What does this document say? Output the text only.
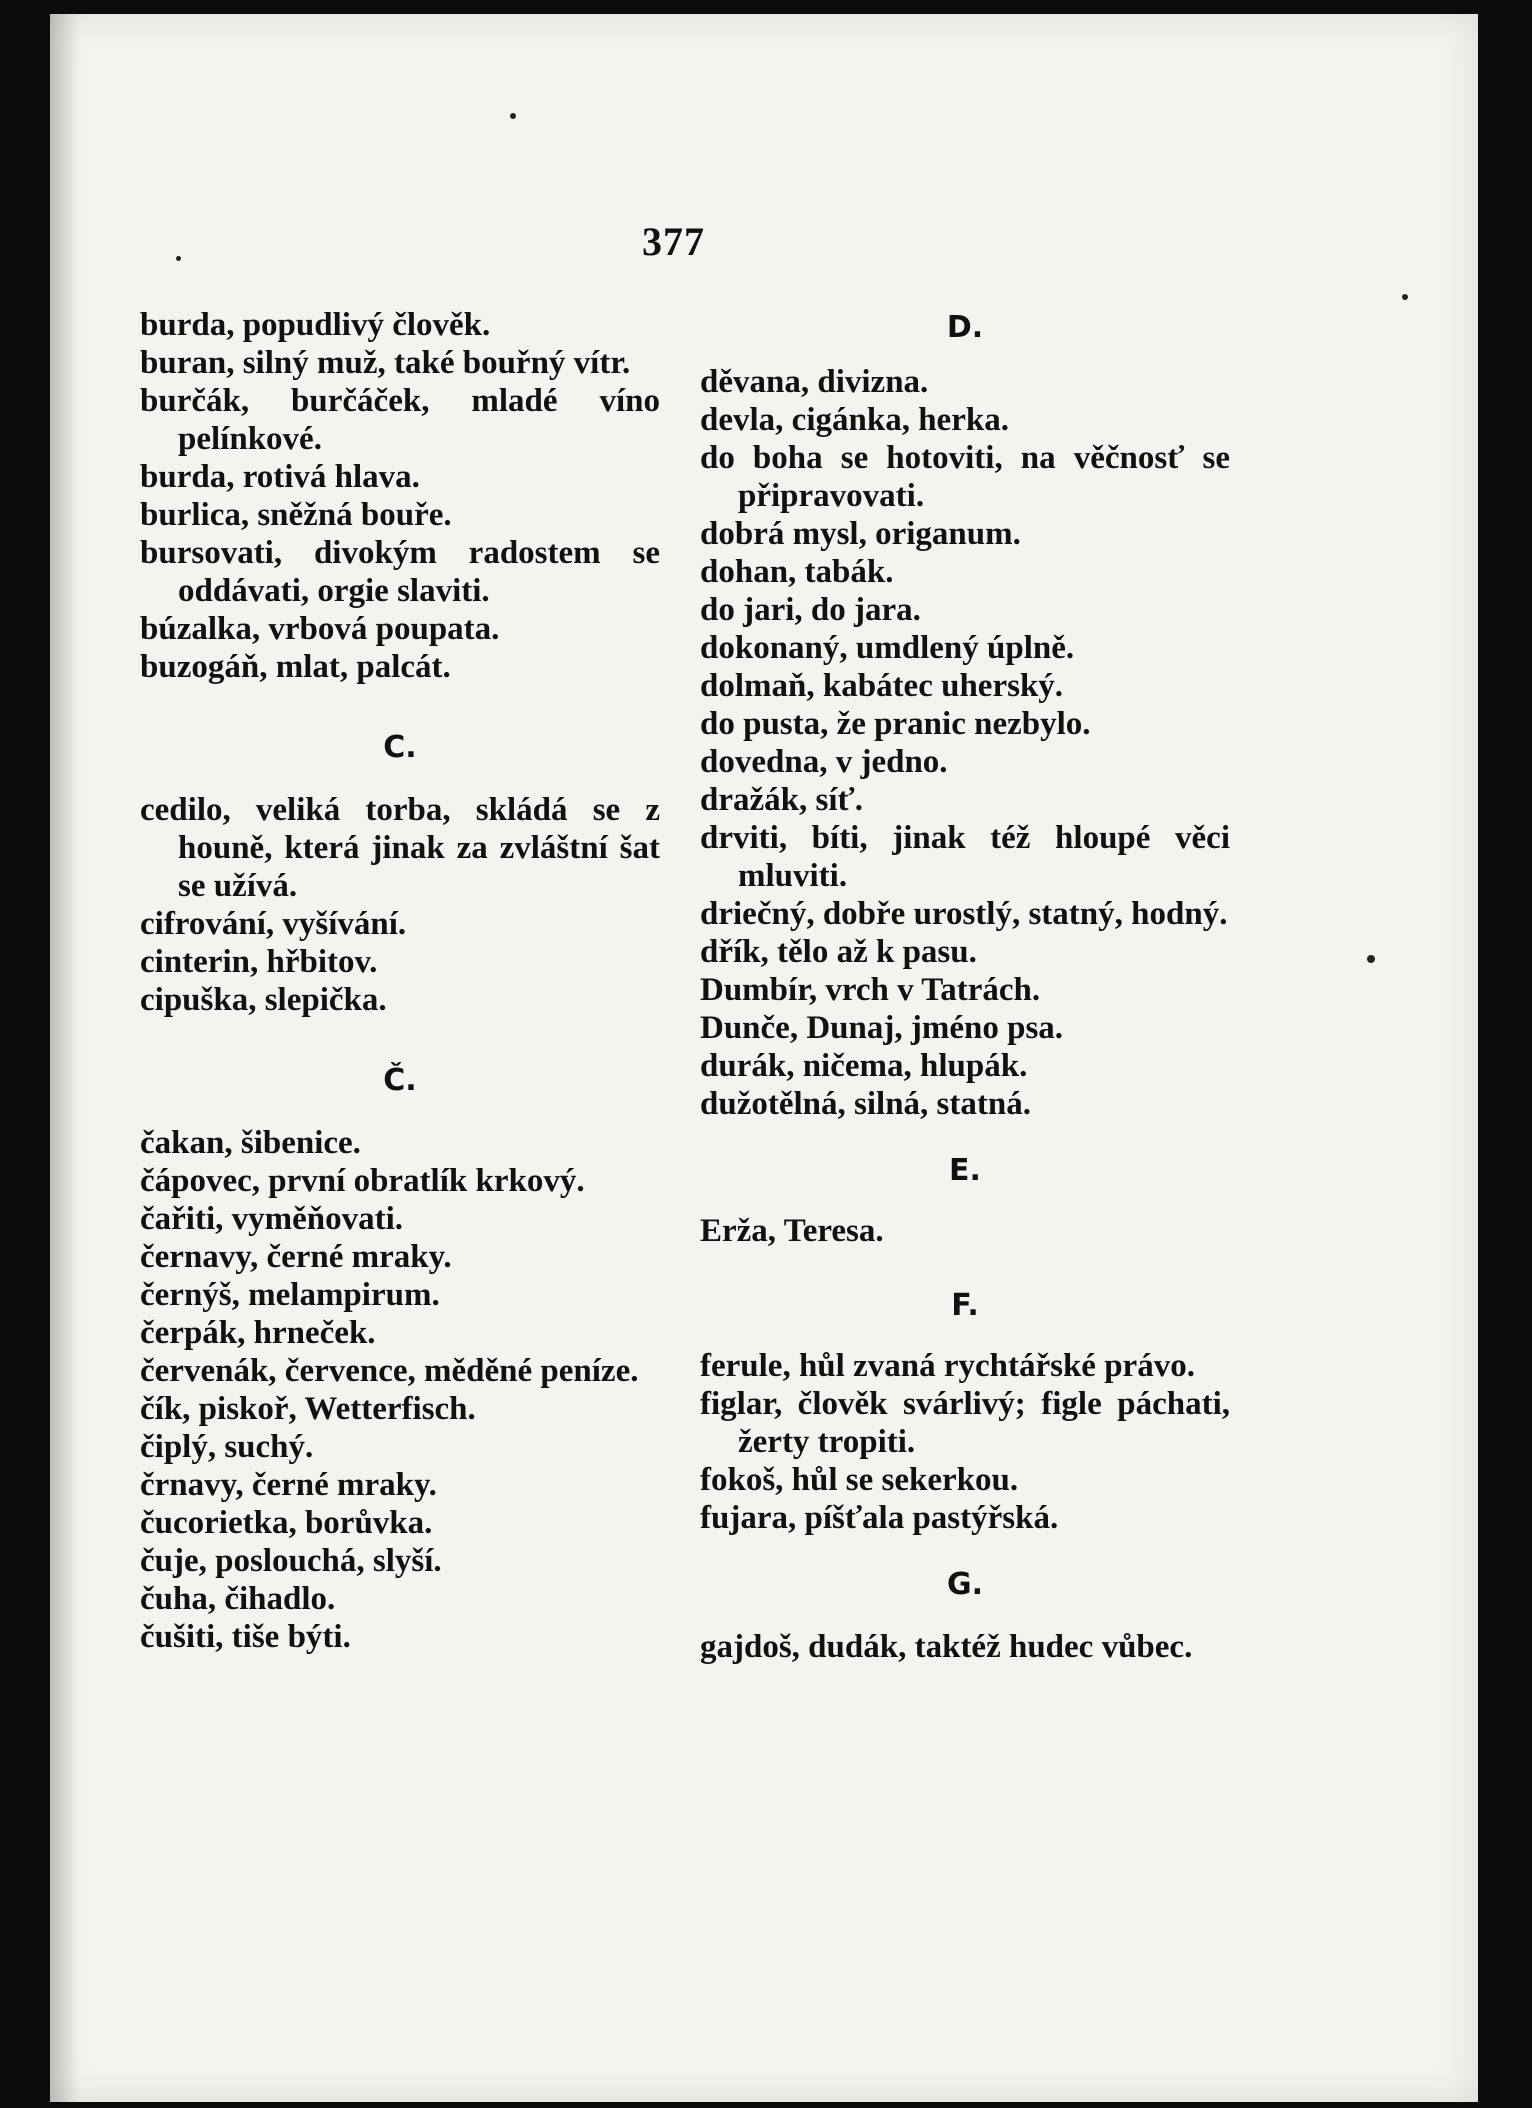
377
burda, popudlivý člověk.
buran, silný muž, také bouřný vítr.
burčák, burčáček, mladé víno pelínkové.
burda, rotivá hlava.
burlica, sněžná bouře.
bursovati, divokým radostem se oddávati, orgie slaviti.
búzalka, vrbová poupata.
buzogáň, mlat, palcát.
C.
cedilo, veliká torba, skládá se z houně, která jinak za zvláštní šat se užívá.
cifrování, vyšívání.
cinterin, hřbitov.
cipuška, slepička.
Č.
čakan, šibenice.
čápovec, první obratlík krkový.
čařiti, vyměňovati.
černavy, černé mraky.
černýš, melampirum.
čerpák, hrneček.
červenák, července, měděné peníze.
čík, piskoř, Wetterfisch.
čiplý, suchý.
črnavy, černé mraky.
čucorietka, borůvka.
čuje, poslouchá, slyší.
čuha, čihadlo.
čušiti, tiše býti.
D.
děvana, divizna.
devla, cigánka, herka.
do boha se hotoviti, na věčnosť se připravovati.
dobrá mysl, origanum.
dohan, tabák.
do jari, do jara.
dokonaný, umdlený úplně.
dolmaň, kabátec uherský.
do pusta, že pranic nezbylo.
dovedna, v jedno.
dražák, síť.
drviti, bíti, jinak též hloupé věci mluviti.
driečný, dobře urostlý, statný, hodný.
dřík, tělo až k pasu.
Dumbír, vrch v Tatrách.
Dunče, Dunaj, jméno psa.
durák, ničema, hlupák.
dužotělná, silná, statná.
E.
Erža, Teresa.
F.
ferule, hůl zvaná rychtářské právo.
figlar, člověk svárlivý; figle páchati, žerty tropiti.
fokoš, hůl se sekerkou.
fujara, píšťala pastýřská.
G.
gajdoš, dudák, taktéž hudec vůbec.
